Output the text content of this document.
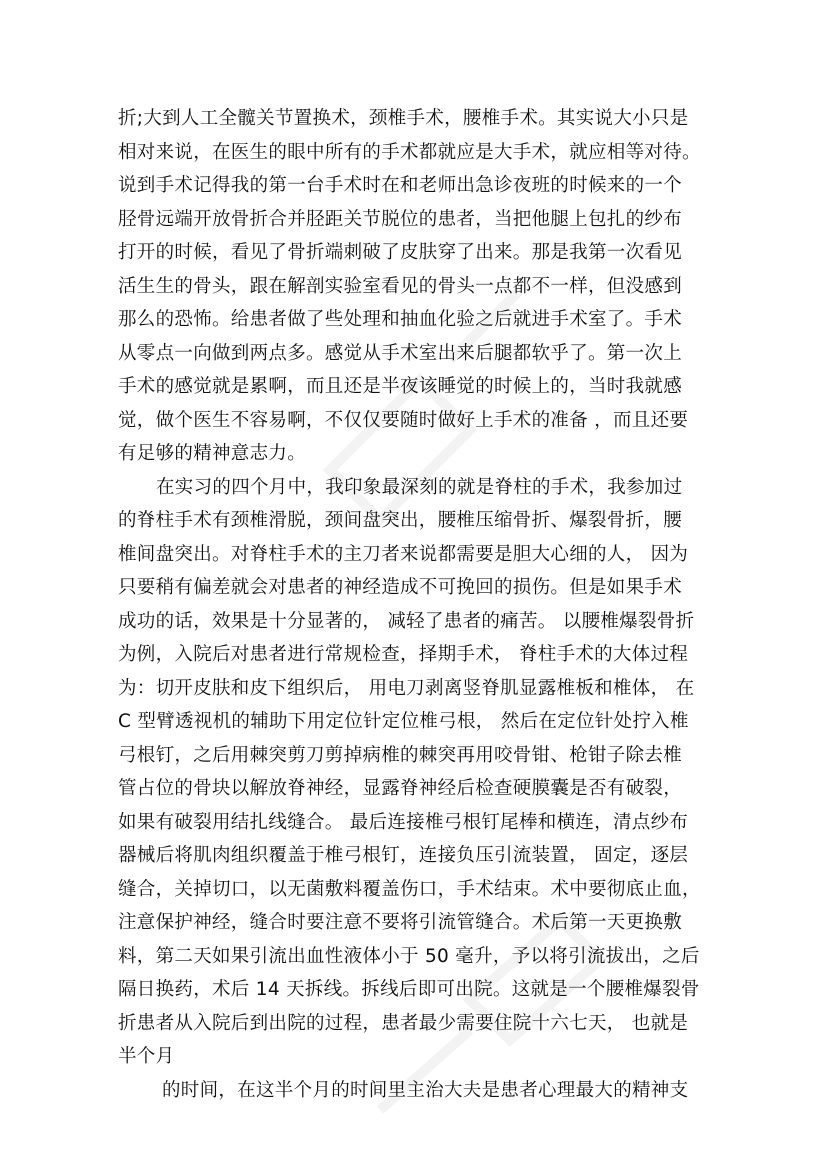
折;大到人工全髋关节置换术，颈椎手术，腰椎手术。其实说大小只是
相对来说，在医生的眼中所有的手术都就应是大手术，就应相等对待。
说到手术记得我的第一台手术时在和老师出急诊夜班的时候来的一个
胫骨远端开放骨折合并胫距关节脱位的患者，当把他腿上包扎的纱布
打开的时候，看见了骨折端刺破了皮肤穿了出来。那是我第一次看见
活生生的骨头，跟在解剖实验室看见的骨头一点都不一样，但没感到
那么的恐怖。给患者做了些处理和抽血化验之后就进手术室了。手术
从零点一向做到两点多。感觉从手术室出来后腿都软乎了。第一次上
手术的感觉就是累啊，而且还是半夜该睡觉的时候上的，当时我就感
觉，做个医生不容易啊，不仅仅要随时做好上手术的准备 ，而且还要
有足够的精神意志力。
在实习的四个月中，我印象最深刻的就是脊柱的手术，我参加过
的脊柱手术有颈椎滑脱，颈间盘突出，腰椎压缩骨折、爆裂骨折，腰
椎间盘突出。对脊柱手术的主刀者来说都需要是胆大心细的人， 因为
只要稍有偏差就会对患者的神经造成不可挽回的损伤。但是如果手术
成功的话，效果是十分显著的， 减轻了患者的痛苦。 以腰椎爆裂骨折
为例，入院后对患者进行常规检查，择期手术， 脊柱手术的大体过程
为：切开皮肤和皮下组织后， 用电刀剥离竖脊肌显露椎板和椎体， 在
C 型臂透视机的辅助下用定位针定位椎弓根， 然后在定位针处拧入椎
弓根钉，之后用棘突剪刀剪掉病椎的棘突再用咬骨钳、枪钳子除去椎
管占位的骨块以解放脊神经，显露脊神经后检查硬膜囊是否有破裂，
如果有破裂用结扎线缝合。 最后连接椎弓根钉尾棒和横连，清点纱布
器械后将肌肉组织覆盖于椎弓根钉，连接负压引流装置， 固定，逐层
缝合，关掉切口，以无菌敷料覆盖伤口，手术结束。术中要彻底止血，
注意保护神经，缝合时要注意不要将引流管缝合。术后第一天更换敷
料，第二天如果引流出血性液体小于 50 毫升，予以将引流拔出，之后
隔日换药，术后 14 天拆线。拆线后即可出院。这就是一个腰椎爆裂骨
折患者从入院后到出院的过程，患者最少需要住院十六七天， 也就是
半个月
的时间，在这半个月的时间里主治大夫是患者心理最大的精神支
